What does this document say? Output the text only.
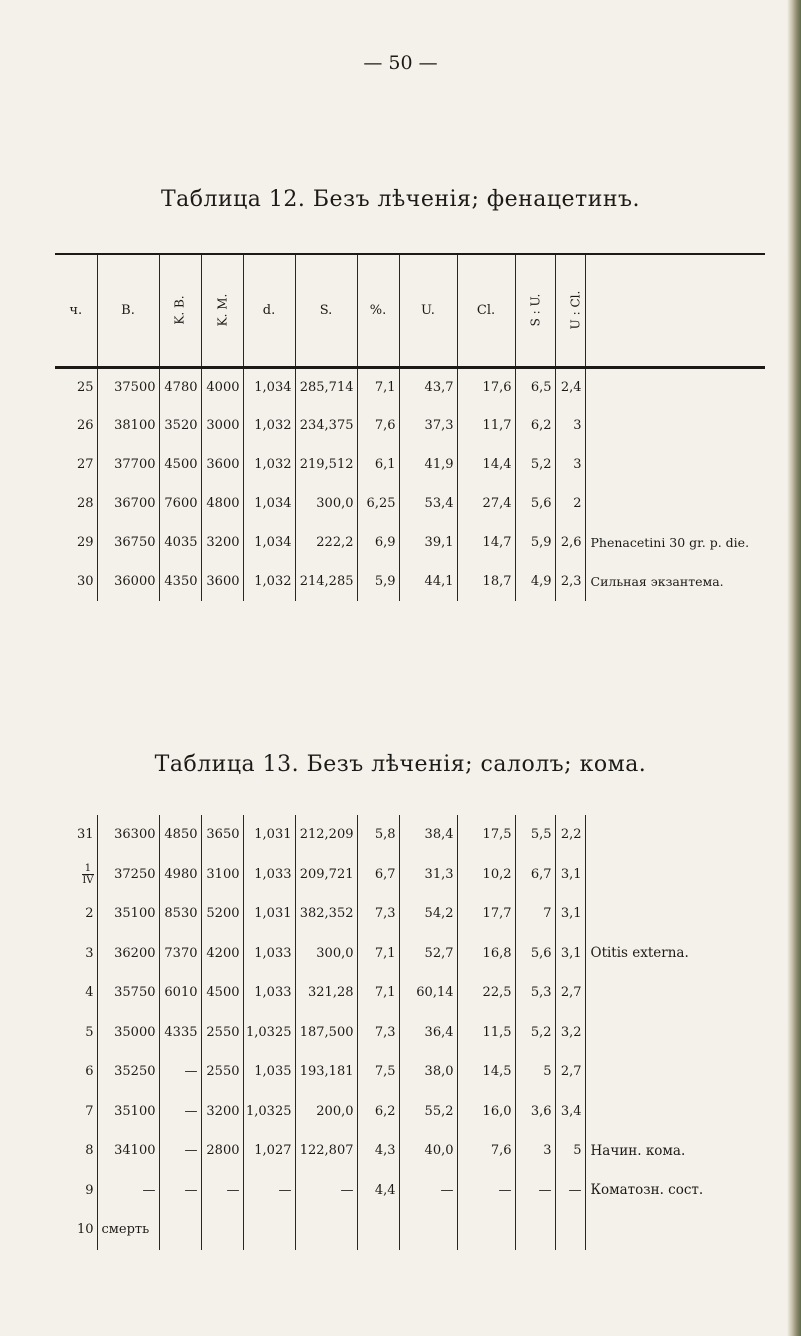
— 50 —
Таблица 12. Безъ лѣченія; фенацетинъ.
ч.	B.	K. B.	K. M.	d.	S.	%.	U.	Cl.	S : U.	U : Cl.	
25	37500	4780	4000	1,034	285,714	7,1	43,7	17,6	6,5	2,4	
26	38100	3520	3000	1,032	234,375	7,6	37,3	11,7	6,2	3	
27	37700	4500	3600	1,032	219,512	6,1	41,9	14,4	5,2	3	
28	36700	7600	4800	1,034	300,0	6,25	53,4	27,4	5,6	2	
29	36750	4035	3200	1,034	222,2	6,9	39,1	14,7	5,9	2,6	Phenacetini 30 gr. p. die.
30	36000	4350	3600	1,032	214,285	5,9	44,1	18,7	4,9	2,3	Сильная экзантема.
Таблица 13. Безъ лѣченія; салолъ; кома.
31	36300	4850	3650	1,031	212,209	5,8	38,4	17,5	5,5	2,2	

$\frac{1}{IV}$	37250	4980	3100	1,033	209,721	6,7	31,3	10,2	6,7	3,1	
2	35100	8530	5200	1,031	382,352	7,3	54,2	17,7	7	3,1	
3	36200	7370	4200	1,033	300,0	7,1	52,7	16,8	5,6	3,1	Otitis externa.
4	35750	6010	4500	1,033	321,28	7,1	60,14	22,5	5,3	2,7	
5	35000	4335	2550	1,0325	187,500	7,3	36,4	11,5	5,2	3,2	
6	35250	—	2550	1,035	193,181	7,5	38,0	14,5	5	2,7	
7	35100	—	3200	1,0325	200,0	6,2	55,2	16,0	3,6	3,4	
8	34100	—	2800	1,027	122,807	4,3	40,0	7,6	3	5	Начин. кома.
9	—	—	—	—	—	4,4	—	—	—	—	Коматозн. сост.
10	смерть										
